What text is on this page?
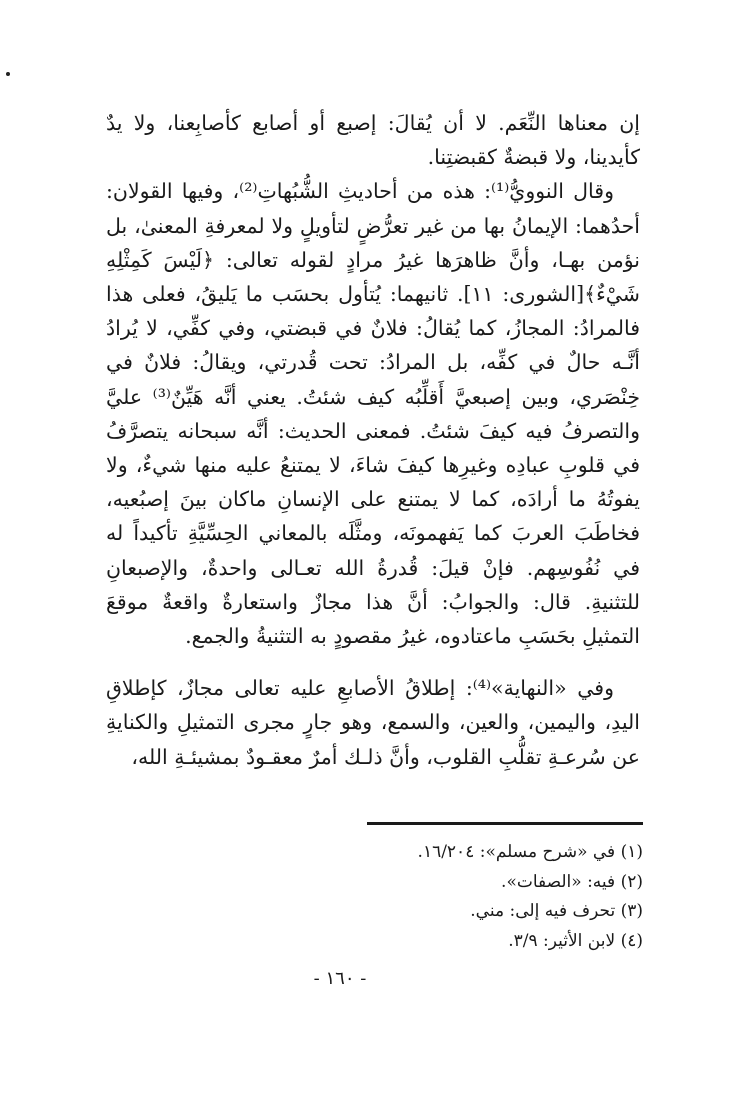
إن معناها النِّعَم. لا أن يُقالَ: إصبع أو أصابع كأصابِعنا، ولا يدٌ كأيدينا، ولا قبضةٌ كقبضتِنا.

وقال النوويُّ⁽¹⁾: هذه من أحاديثِ الشُّبُهاتِ⁽²⁾، وفيها القولان: أحدُهما: الإيمانُ بها من غير تعرُّضٍ لتأويلٍ ولا لمعرفةِ المعنىٰ، بل نؤمن بهـا، وأنَّ ظاهرَها غيرُ مرادٍ لقوله تعالى: ﴿لَيْسَ كَمِثْلِهِ شَيْءٌ﴾[الشورى: ١١]. ثانيهما: يُتأول بحسَب ما يَليقُ، فعلى هذا فالمرادُ: المجازُ، كما يُقالُ: فلانٌ في قبضتي، وفي كفِّي، لا يُرادُ أنَّـه حالٌ في كفِّه، بل المرادُ: تحت قُدرتي، ويقالُ: فلانٌ في خِنْصَري، وبين إصبعيَّ أَقلِّبُه كيف شئتُ. يعني أنَّه هَيِّنٌ⁽³⁾ عليَّ والتصرفُ فيه كيفَ شئتُ. فمعنى الحديث: أنَّه سبحانه يتصرَّفُ في قلوبِ عبادِه وغيرِها كيفَ شاءَ، لا يمتنعُ عليه منها شيءٌ، ولا يفوتُهُ ما أرادَه، كما لا يمتنع على الإنسانِ ماكان بينَ إصبُعيه، فخاطَبَ العربَ كما يَفهمونَه، ومثَّلَه بالمعاني الحِسِّيَّةِ تأكيداً له في نُفُوسِهم. فإنْ قيلَ: قُدرةُ الله تعـالى واحدةٌ، والإصبعانِ للتثنيةِ. قال: والجوابُ: أنَّ هذا مجازٌ واستعارةٌ واقعةٌ موقعَ التمثيلِ بحَسَبِ ماعتادوه، غيرُ مقصودٍ به التثنيةُ والجمع.

وفي «النهاية»⁽⁴⁾: إطلاقُ الأصابعِ عليه تعالى مجازٌ، كإطلاقِ اليدِ، واليمين، والعين، والسمع، وهو جارٍ مجرى التمثيلِ والكنايةِ عن سُرعـةِ تقلُّبِ القلوب، وأنَّ ذلـك أمرٌ معقـودٌ بمشيئـةِ الله،

(١) في «شرح مسلم»: ١٦/٢٠٤.

(٢) فيه: «الصفات».

(٣) تحرف فيه إلى: مني.

(٤) لابن الأثير: ٣/٩.

- ١٦٠ -
